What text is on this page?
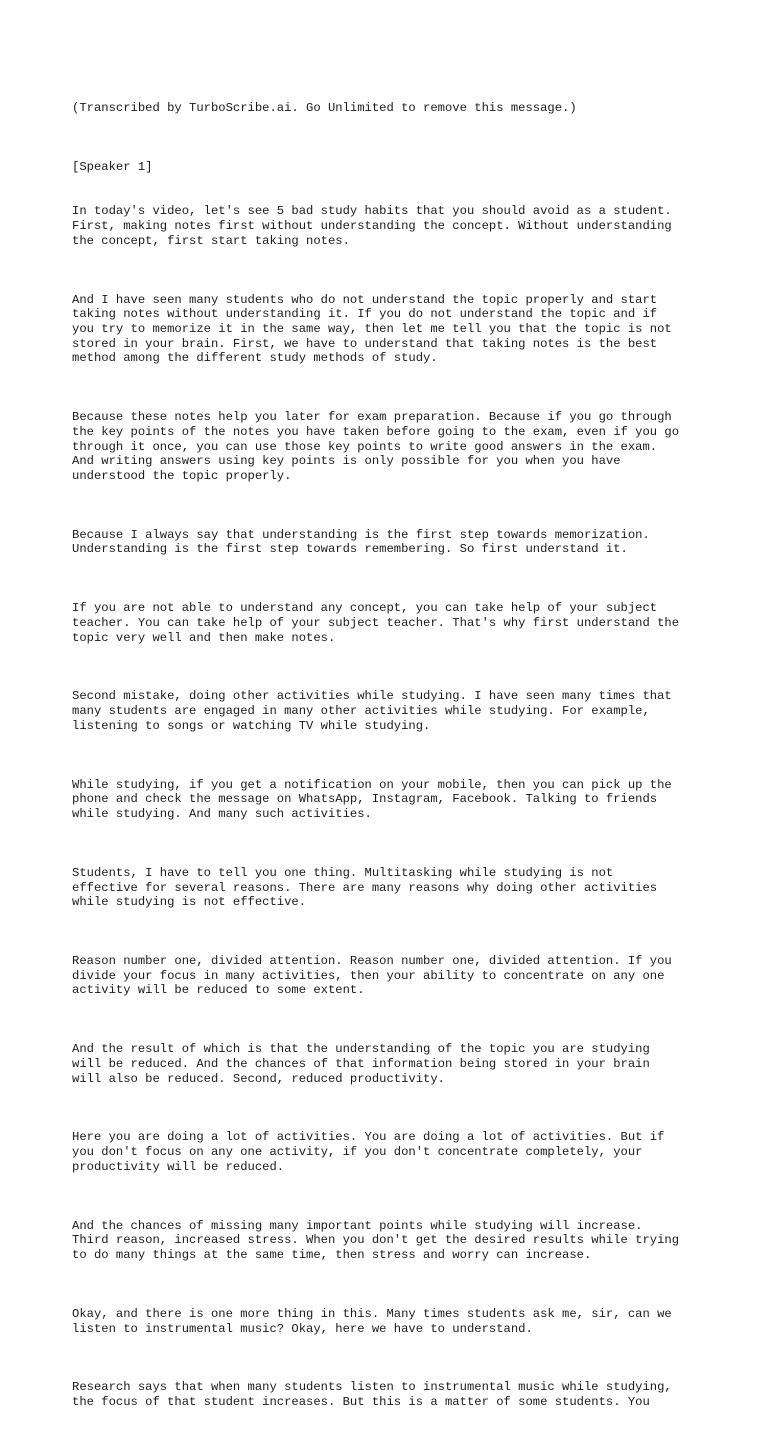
(Transcribed by TurboScribe.ai. Go Unlimited to remove this message.)

[Speaker 1]

In today's video, let's see 5 bad study habits that you should avoid as a student.
First, making notes first without understanding the concept. Without understanding
the concept, first start taking notes.

And I have seen many students who do not understand the topic properly and start
taking notes without understanding it. If you do not understand the topic and if
you try to memorize it in the same way, then let me tell you that the topic is not
stored in your brain. First, we have to understand that taking notes is the best
method among the different study methods of study.

Because these notes help you later for exam preparation. Because if you go through
the key points of the notes you have taken before going to the exam, even if you go
through it once, you can use those key points to write good answers in the exam.
And writing answers using key points is only possible for you when you have
understood the topic properly.

Because I always say that understanding is the first step towards memorization.
Understanding is the first step towards remembering. So first understand it.

If you are not able to understand any concept, you can take help of your subject
teacher. You can take help of your subject teacher. That's why first understand the
topic very well and then make notes.

Second mistake, doing other activities while studying. I have seen many times that
many students are engaged in many other activities while studying. For example,
listening to songs or watching TV while studying.

While studying, if you get a notification on your mobile, then you can pick up the
phone and check the message on WhatsApp, Instagram, Facebook. Talking to friends
while studying. And many such activities.

Students, I have to tell you one thing. Multitasking while studying is not
effective for several reasons. There are many reasons why doing other activities
while studying is not effective.

Reason number one, divided attention. Reason number one, divided attention. If you
divide your focus in many activities, then your ability to concentrate on any one
activity will be reduced to some extent.

And the result of which is that the understanding of the topic you are studying
will be reduced. And the chances of that information being stored in your brain
will also be reduced. Second, reduced productivity.

Here you are doing a lot of activities. You are doing a lot of activities. But if
you don't focus on any one activity, if you don't concentrate completely, your
productivity will be reduced.

And the chances of missing many important points while studying will increase.
Third reason, increased stress. When you don't get the desired results while trying
to do many things at the same time, then stress and worry can increase.

Okay, and there is one more thing in this. Many times students ask me, sir, can we
listen to instrumental music? Okay, here we have to understand.

Research says that when many students listen to instrumental music while studying,
the focus of that student increases. But this is a matter of some students. You
